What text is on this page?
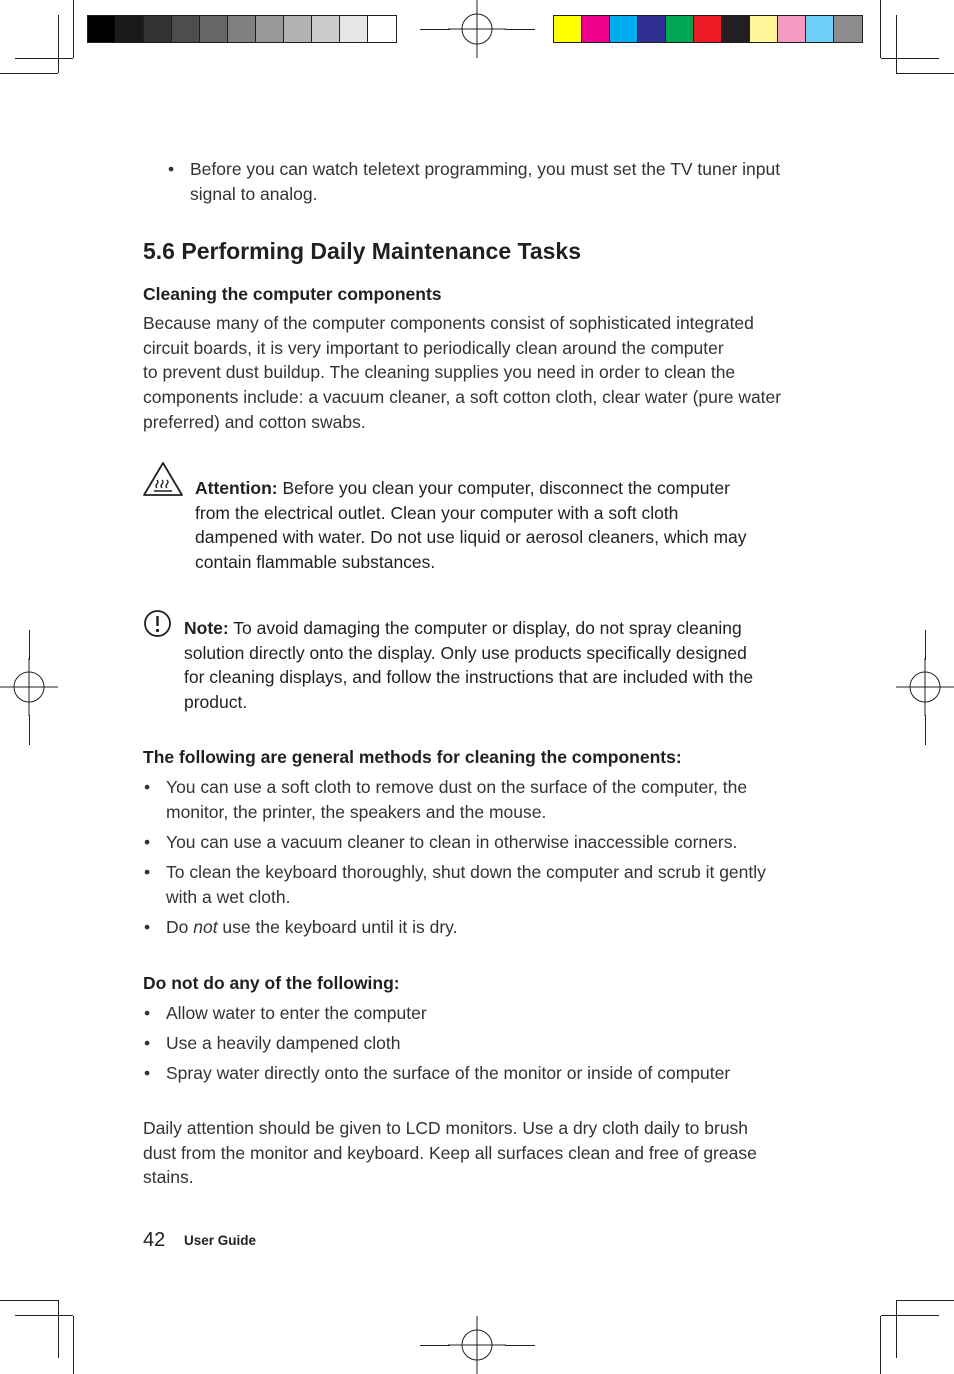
• Before you can watch teletext programming, you must set the TV tuner input signal to analog.
5.6 Performing Daily Maintenance Tasks
Cleaning the computer components
Because many of the computer components consist of sophisticated integrated
circuit boards, it is very important to periodically clean around the computer
to prevent dust buildup. The cleaning supplies you need in order to clean the
components include: a vacuum cleaner, a soft cotton cloth, clear water (pure water
preferred) and cotton swabs.
Attention: Before you clean your computer, disconnect the computer
from the electrical outlet. Clean your computer with a soft cloth
dampened with water. Do not use liquid or aerosol cleaners, which may
contain flammable substances.
Note: To avoid damaging the computer or display, do not spray cleaning
solution directly onto the display. Only use products specifically designed
for cleaning displays, and follow the instructions that are included with the
product.
The following are general methods for cleaning the components:
• You can use a soft cloth to remove dust on the surface of the computer, the
monitor, the printer, the speakers and the mouse.
• You can use a vacuum cleaner to clean in otherwise inaccessible corners.
• To clean the keyboard thoroughly, shut down the computer and scrub it gently
with a wet cloth.
• Do not use the keyboard until it is dry.
Do not do any of the following:
• Allow water to enter the computer
• Use a heavily dampened cloth
• Spray water directly onto the surface of the monitor or inside of computer
Daily attention should be given to LCD monitors. Use a dry cloth daily to brush
dust from the monitor and keyboard. Keep all surfaces clean and free of grease
stains.
42 User Guide
